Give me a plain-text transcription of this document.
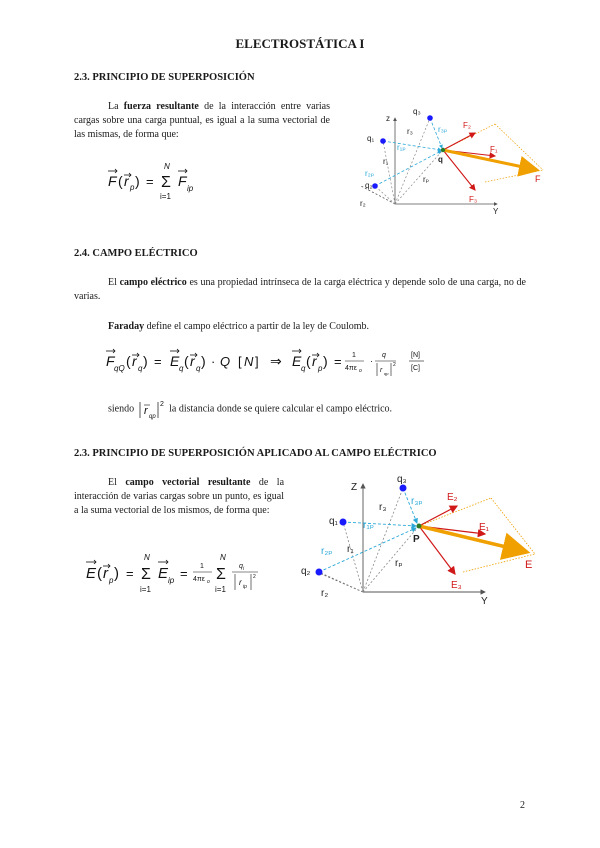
ELECTROSTÁTICA I
2.3. PRINCIPIO DE SUPERPOSICIÓN
La fuerza resultante de la interacción entre varias cargas sobre una carga puntual, es igual a la suma vectorial de las mismas, de forma que:
F ( r p ) =
N
Σ
i=1
F ip
z
Y
q
q₁
q₂
q₃
r₁
r₂
r₃
rₚ
r₁ₚ
r₂ₚ
r₃ₚ F₂
F₁
F₃
F
2.4. CAMPO ELÉCTRICO
El campo eléctrico es una propiedad intrínseca de la carga eléctrica y depende solo de una carga, no de varias.
Faraday define el campo eléctrico a partir de la ley de Coulomb.
F qQ ( r q ) = E q ( r q ) · Q [ N ] ⇒ E q ( r p ) = 1
4πε o
·
q
r qp
2
[N]
[C]
siendo r qp
2 la distancia donde se quiere calcular el campo eléctrico.
2.3. PRINCIPIO DE SUPERPOSICIÓN APLICADO AL CAMPO ELÉCTRICO
El campo vectorial resultante de la interacción de varias cargas sobre un punto, es igual a la suma vectorial de los mismos, de forma que:
E ( r p ) =
N
Σ
i=1
E ip = 1
4πε o
N
Σ
i=1
q i
r ip
2
Z
Y
P
q₁
q₂
q₃
r₁
r₂
r₃
rₚ
r₁ₚ
r₂ₚ
r₃ₚ E₂
E₁
E₃
E
2
